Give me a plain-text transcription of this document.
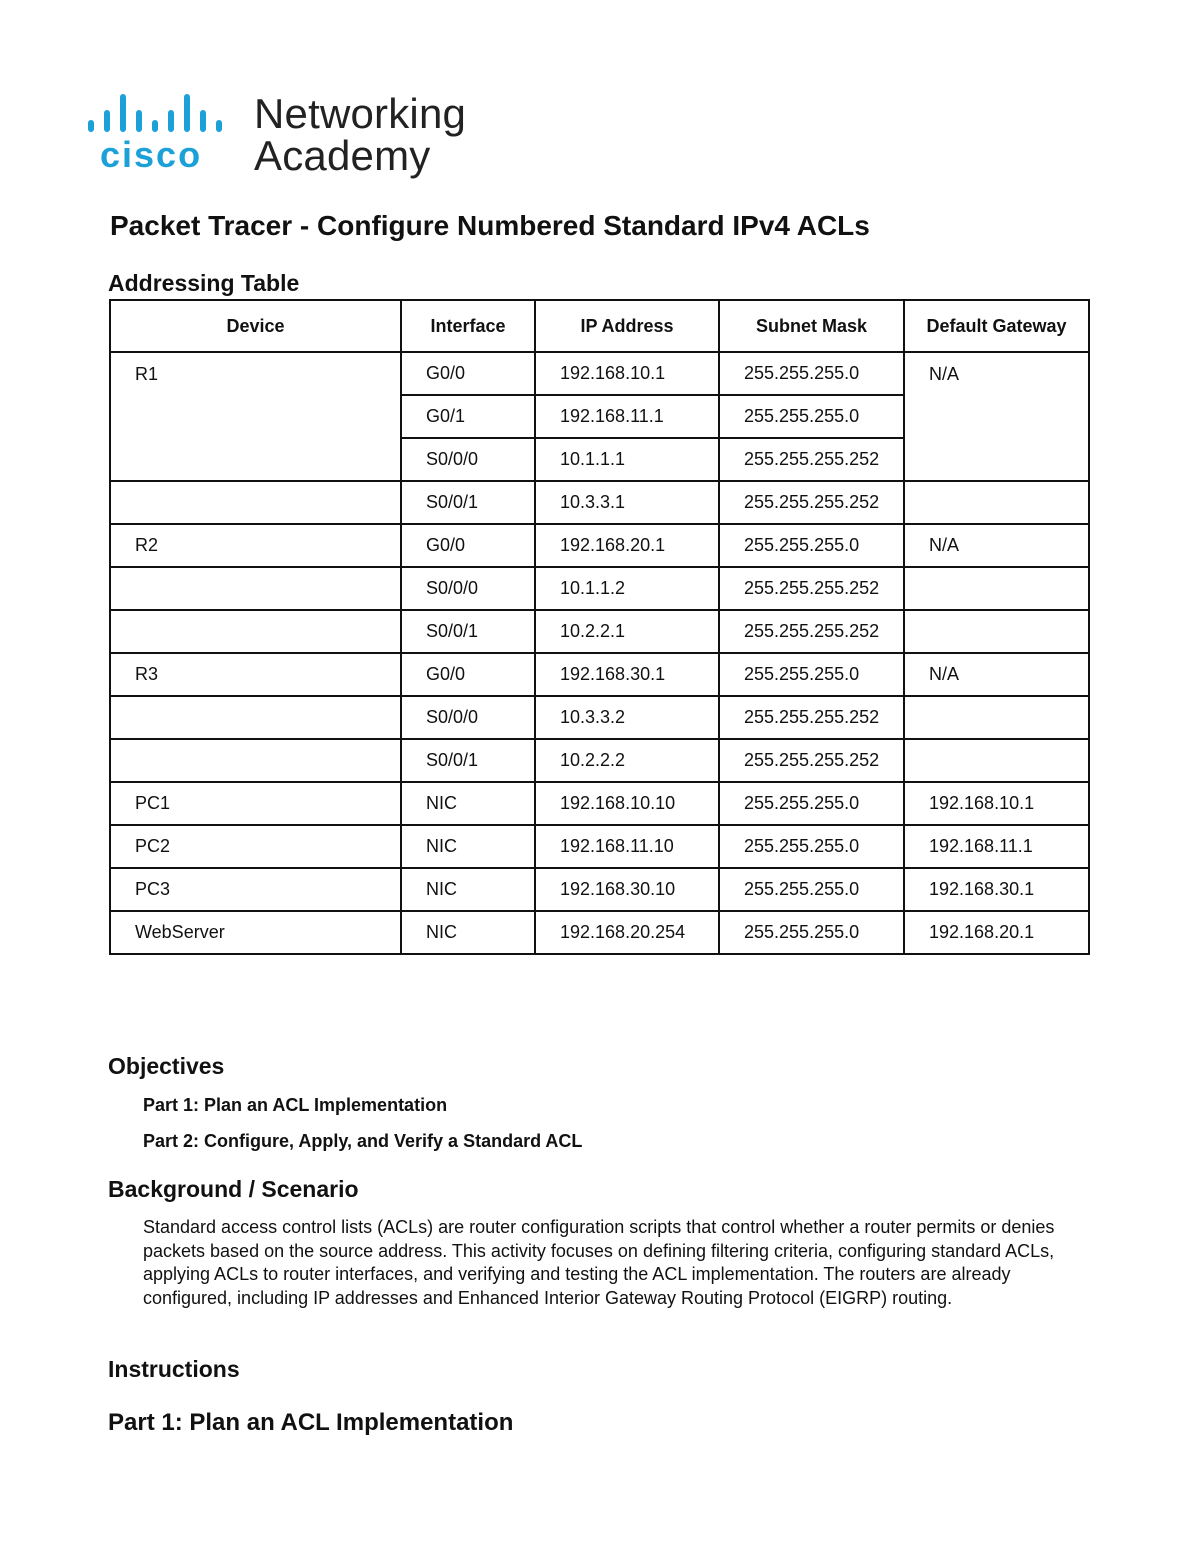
cisco
Networking
Academy
Packet Tracer - Configure Numbered Standard IPv4 ACLs
Addressing Table
Device	Interface	IP Address	Subnet Mask	Default Gateway
R1	G0/0	192.168.10.1	255.255.255.0	N/A
	G0/1	192.168.11.1	255.255.255.0	
	S0/0/0	10.1.1.1	255.255.255.252	
	S0/0/1	10.3.3.1	255.255.255.252	
R2	G0/0	192.168.20.1	255.255.255.0	N/A
	S0/0/0	10.1.1.2	255.255.255.252	
	S0/0/1	10.2.2.1	255.255.255.252	
R3	G0/0	192.168.30.1	255.255.255.0	N/A
	S0/0/0	10.3.3.2	255.255.255.252	
	S0/0/1	10.2.2.2	255.255.255.252	
PC1	NIC	192.168.10.10	255.255.255.0	192.168.10.1
PC2	NIC	192.168.11.10	255.255.255.0	192.168.11.1
PC3	NIC	192.168.30.10	255.255.255.0	192.168.30.1
WebServer	NIC	192.168.20.254	255.255.255.0	192.168.20.1
Objectives

Part 1: Plan an ACL Implementation

Part 2: Configure, Apply, and Verify a Standard ACL

Background / Scenario

Standard access control lists (ACLs) are router configuration scripts that control whether a router permits or denies packets based on the source address. This activity focuses on defining filtering criteria, configuring standard ACLs, applying ACLs to router interfaces, and verifying and testing the ACL implementation. The routers are already configured, including IP addresses and Enhanced Interior Gateway Routing Protocol (EIGRP) routing.

Instructions
Part 1: Plan an ACL Implementation
